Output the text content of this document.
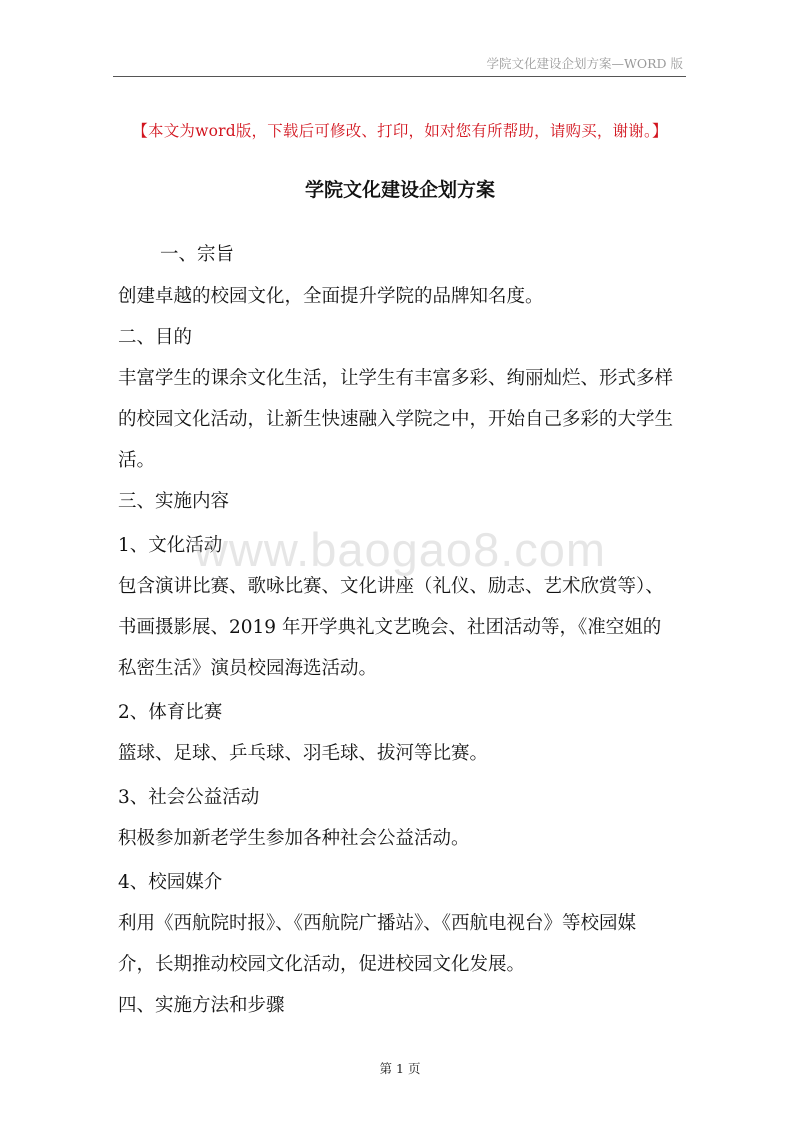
学院文化建设企划方案—WORD 版
【本文为word版，下载后可修改、打印，如对您有所帮助，请购买，谢谢。】
学院文化建设企划方案
一、宗旨
创建卓越的校园文化，全面提升学院的品牌知名度。
二、目的
丰富学生的课余文化生活，让学生有丰富多彩、绚丽灿烂、形式多样
的校园文化活动，让新生快速融入学院之中，开始自己多彩的大学生
活。
三、实施内容
1、文化活动
包含演讲比赛、歌咏比赛、文化讲座（礼仪、励志、艺术欣赏等）、
书画摄影展、2019 年开学典礼文艺晚会、社团活动等，《准空姐的
私密生活》演员校园海选活动。
2、体育比赛
篮球、足球、乒乓球、羽毛球、拔河等比赛。
3、社会公益活动
积极参加新老学生参加各种社会公益活动。
4、校园媒介
利用《西航院时报》、《西航院广播站》、《西航电视台》等校园媒
介，长期推动校园文化活动，促进校园文化发展。
四、实施方法和步骤
www.baogao8.com
第 1 页
